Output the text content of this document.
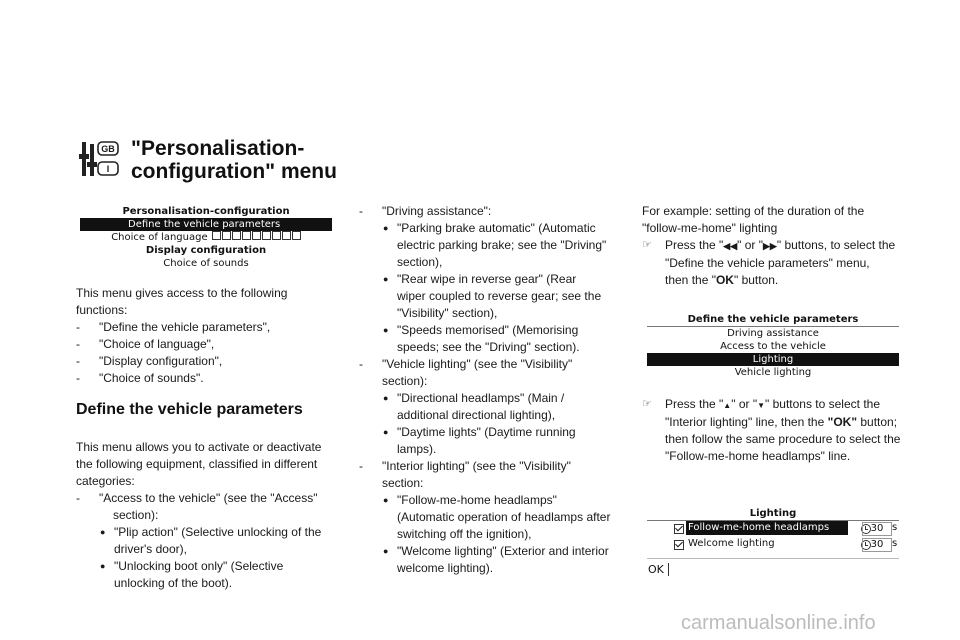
GB
I
"Personalisation-
configuration" menu
Personalisation-configuration
Define the vehicle parameters
Choice of language
Display configuration
Choice of sounds

This menu gives access to the following

functions:

- "Define the vehicle parameters",

- "Choice of language",

- "Display configuration",

- "Choice of sounds".

Define the vehicle parameters

This menu allows you to activate or deactivate

the following equipment, classified in different

categories:

- "Access to the vehicle" (see the "Access"

section):

● "Plip action" (Selective unlocking of the

driver's door),

● "Unlocking boot only" (Selective

unlocking of the boot).

- "Driving assistance":

● "Parking brake automatic" (Automatic

electric parking brake; see the "Driving"

section),

● "Rear wipe in reverse gear" (Rear

wiper coupled to reverse gear; see the

"Visibility" section),

● "Speeds memorised" (Memorising

speeds; see the "Driving" section).

- "Vehicle lighting" (see the "Visibility"

section):

● "Directional headlamps" (Main /

additional directional lighting),

● "Daytime lights" (Daytime running

lamps).

- "Interior lighting" (see the "Visibility"

section:

● "Follow-me-home headlamps"

(Automatic operation of headlamps after

switching off the ignition),

● "Welcome lighting" (Exterior and interior

welcome lighting).

For example: setting of the duration of the

"follow-me-home" lighting

☞ Press the "◀◀" or "▶▶" buttons, to select the

"Define the vehicle parameters" menu,

then the "OK" button.

Define the vehicle parameters
Driving assistance
Access to the vehicle
Lighting
Vehicle lighting

☞ Press the "▲" or "▼" buttons to select the

"Interior lighting" line, then the "OK" button;

then follow the same procedure to select the

"Follow-me-home headlamps" line.

Lighting

Follow-me-home headlamps	30 s

Welcome lighting	30 s
OK
carmanualsonline.info
